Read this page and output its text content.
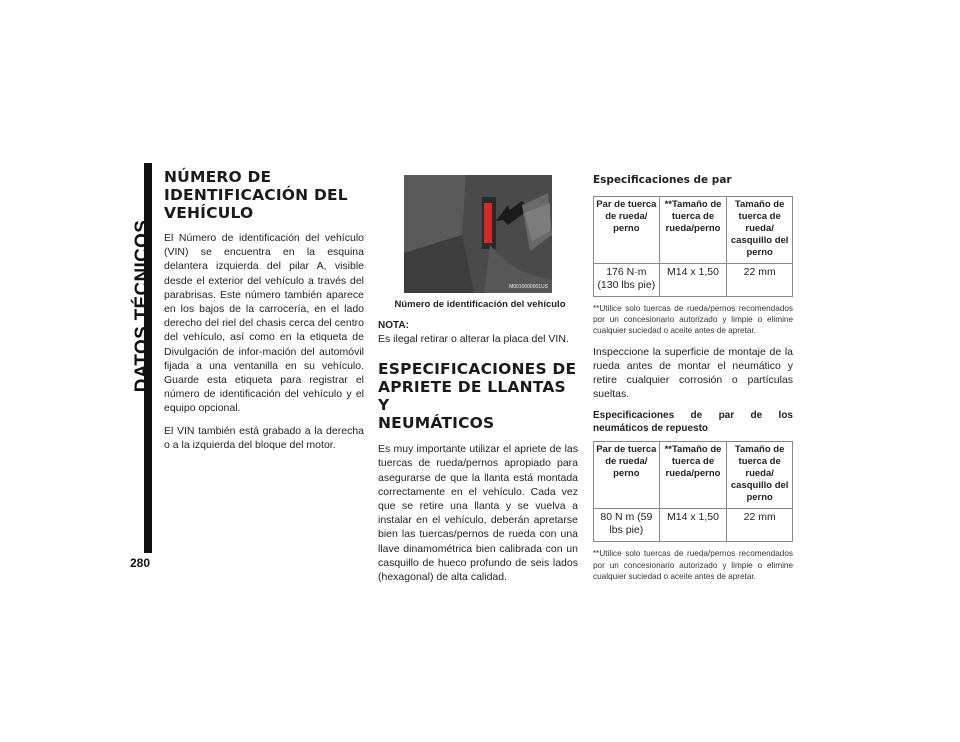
DATOS TÉCNICOS
280
NÚMERO DE
IDENTIFICACIÓN DEL
VEHÍCULO

El Número de identificación del vehículo (VIN) se encuentra en la esquina delantera izquierda del pilar A, visible desde el exterior del vehículo a través del parabrisas. Este número también aparece en los bajos de la carrocería, en el lado derecho del riel del chasis cerca del centro del vehículo, así como en la etiqueta de Divulgación de infor-mación del automóvil fijada a una ventanilla en su vehículo. Guarde esta etiqueta para registrar el número de identificación del vehículo y el equipo opcional.

El VIN también está grabado a la derecha o a la izquierda del bloque del motor.

M0010000001US
Número de identificación del vehículo

NOTA:

Es ilegal retirar o alterar la placa del VIN.

ESPECIFICACIONES DE
APRIETE DE LLANTAS Y
NEUMÁTICOS

Es muy importante utilizar el apriete de las tuercas de rueda/pernos apropiado para asegurarse de que la llanta está montada correctamente en el vehículo. Cada vez que se retire una llanta y se vuelva a instalar en el vehículo, deberán apretarse bien las tuercas/pernos de rueda con una llave dinamométrica bien calibrada con un casquillo de hueco profundo de seis lados (hexagonal) de alta calidad.

Especificaciones de par

Par de tuerca de rueda/ perno	**Tamaño de tuerca de rueda/perno	Tamaño de tuerca de rueda/ casquillo del perno
176 N·m (130 lbs pie)	M14 x 1,50	22 mm

**Utilice solo tuercas de rueda/pernos recomendados por un concesionario autorizado y limpie o elimine cualquier suciedad o aceite antes de apretar.

Inspeccione la superficie de montaje de la rueda antes de montar el neumático y retire cualquier corrosión o partículas sueltas.

Especificaciones de par de los neumáticos de repuesto

Par de tuerca de rueda/ perno	**Tamaño de tuerca de rueda/perno	Tamaño de tuerca de rueda/ casquillo del perno
80 N m (59 lbs pie)	M14 x 1,50	22 mm

**Utilice solo tuercas de rueda/pernos recomendados por un concesionario autorizado y limpie o elimine cualquier suciedad o aceite antes de apretar.
